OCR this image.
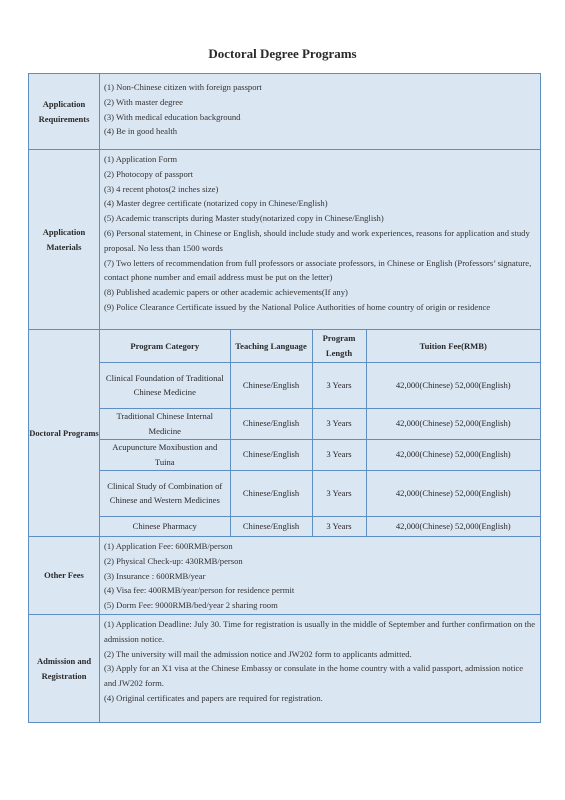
Doctoral Degree Programs
Application Requirements	
(1) Non-Chinese citizen with foreign passport
(2) With master degree
(3) With medical education background
(4) Be in good health

Application Materials	
(1) Application Form
(2) Photocopy of passport
(3) 4 recent photos(2 inches size)
(4) Master degree certificate (notarized copy in Chinese/English)
(5) Academic transcripts during Master study(notarized copy in Chinese/English)
(6) Personal statement, in Chinese or English, should include study and work experiences, reasons for application and study proposal. No less than 1500 words
(7) Two letters of recommendation from full professors or associate professors, in Chinese or English (Professors’ signature, contact phone number and email address must be put on the letter)
(8) Published academic papers or other academic achievements(If any)
(9) Police Clearance Certificate issued by the National Police Authorities of home country of origin or residence

Doctoral Programs	
Program Category	Teaching Language	Program Length	Tuition Fee(RMB)
Clinical Foundation of Traditional Chinese Medicine	Chinese/English	3 Years	42,000(Chinese) 52,000(English)
Traditional Chinese Internal Medicine	Chinese/English	3 Years	42,000(Chinese) 52,000(English)
Acupuncture Moxibustion and Tuina	Chinese/English	3 Years	42,000(Chinese) 52,000(English)
Clinical Study of Combination of Chinese and Western Medicines	Chinese/English	3 Years	42,000(Chinese) 52,000(English)
Chinese Pharmacy	Chinese/English	3 Years	42,000(Chinese) 52,000(English)

Other Fees	
(1) Application Fee: 600RMB/person
(2) Physical Check-up: 430RMB/person
(3) Insurance : 600RMB/year
(4) Visa fee: 400RMB/year/person for residence permit
(5) Dorm Fee: 9000RMB/bed/year 2 sharing room

Admission and Registration	
(1) Application Deadline: July 30. Time for registration is usually in the middle of September and further confirmation on the admission notice.
(2) The university will mail the admission notice and JW202 form to applicants admitted.
(3) Apply for an X1 visa at the Chinese Embassy or consulate in the home country with a valid passport, admission notice and JW202 form.
(4) Original certificates and papers are required for registration.
